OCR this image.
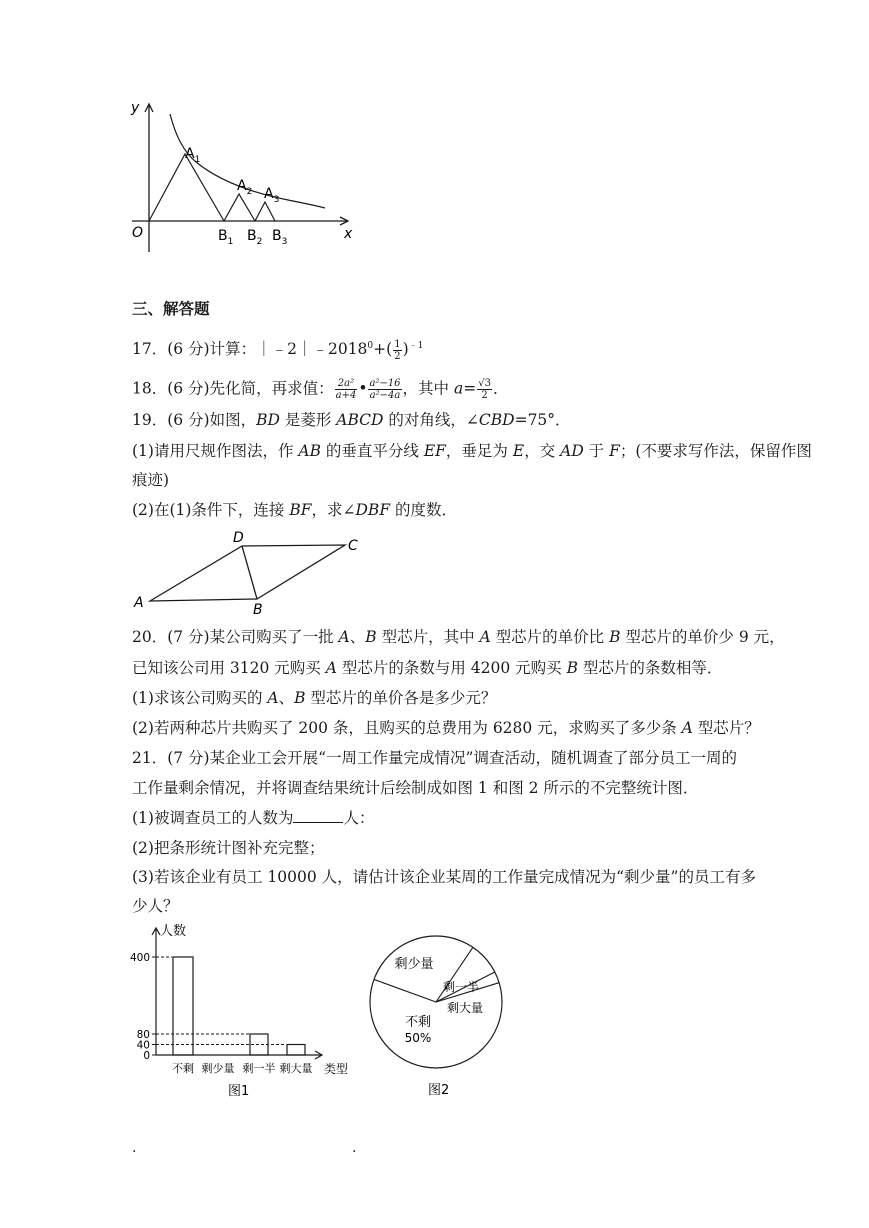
y
x
O
$A_1$
$A_2$ $A_3$
$B_1$ $B_2$ $B_3$
三、解答题
17．(6 分)计算：$|﹣2|﹣2018^0+( \frac{1}{2} )^{﹣1}$
18．(6 分)先化简，再求值： $\frac{\text{2a²}}{a+4}$ • $\frac{\text{a²−16}}{\text{a²−4a}}$ ，其中 $a= \frac{√3}{2}$ ．
19．(6 分)如图，BD 是菱形 ABCD 的对角线，∠CBD=75°．
(1)请用尺规作图法，作 AB 的垂直平分线 EF，垂足为 E，交 AD 于 F；(不要求写作法，保留作图
痕迹)
(2)在(1)条件下，连接 BF，求∠DBF 的度数．
A	B
C
D
20．(7 分)某公司购买了一批 A、B 型芯片，其中 A 型芯片的单价比 B 型芯片的单价少 9 元，
已知该公司用 3120 元购买 A 型芯片的条数与用 4200 元购买 B 型芯片的条数相等．
(1)求该公司购买的 A、B 型芯片的单价各是多少元？
(2)若两种芯片共购买了 200 条，且购买的总费用为 6280 元，求购买了多少条 A 型芯片？
21．(7 分)某企业工会开展“一周工作量完成情况”调查活动，随机调查了部分员工一周的
工作量剩余情况，并将调查结果统计后绘制成如图 1 和图 2 所示的不完整统计图．
(1)被调查员工的人数为	人：
(2)把条形统计图补充完整；
(3)若该企业有员工 10000 人，请估计该企业某周的工作量完成情况为“剩少量”的员工有多
少人？
0
40
80
400
不剩 剩少量 剩一半 剩大量
人数
类型
图1
剩少量
剩一半
剩大量
不剩
50%
图2
.	.
